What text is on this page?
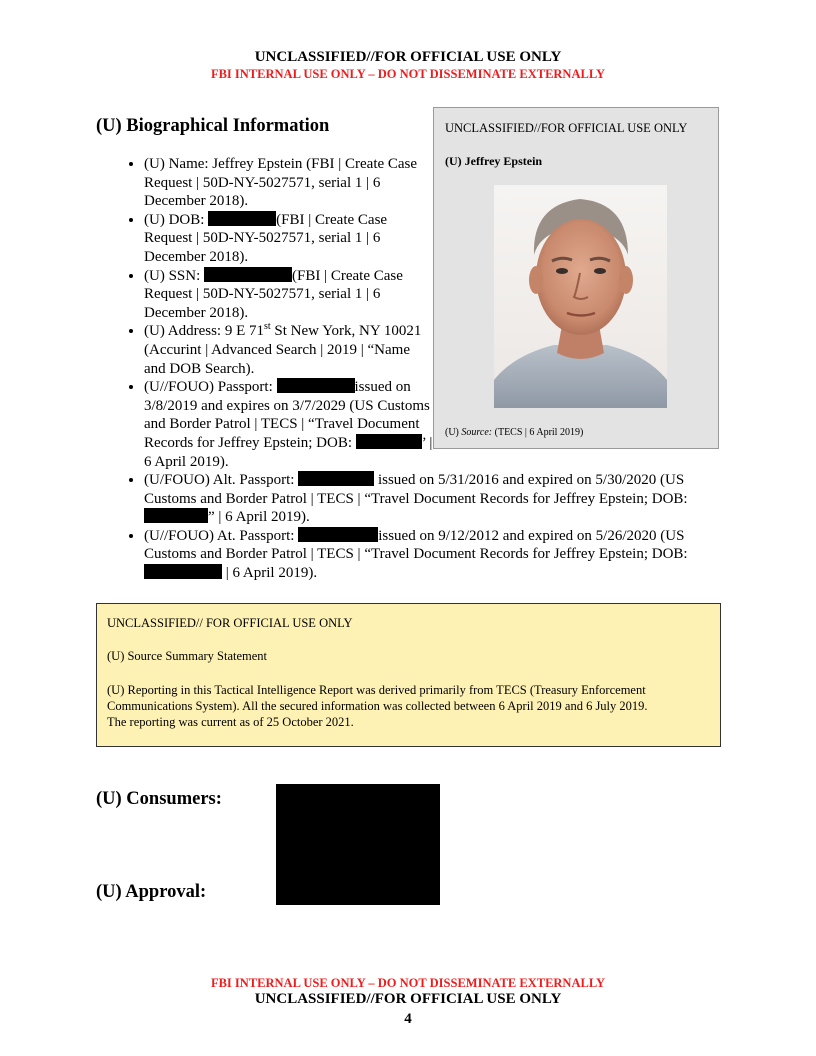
UNCLASSIFIED//FOR OFFICIAL USE ONLY
FBI INTERNAL USE ONLY – DO NOT DISSEMINATE EXTERNALLY
(U) Biographical Information
• (U) Name: Jeffrey Epstein (FBI | Create Case Request | 50D-NY-5027571, serial 1 | 6 December 2018).
• (U) DOB:	(FBI | Create Case Request | 50D-NY-5027571, serial 1 | 6 December 2018).
• (U) SSN:	(FBI | Create Case Request | 50D-NY-5027571, serial 1 | 6 December 2018).
• (U) Address: 9 E 71st St New York, NY 10021 (Accurint | Advanced Search | 2019 | “Name and DOB Search).
• (U//FOUO) Passport:	issued on 3/8/2019 and expires on 3/7/2029 (US Customs and Border Patrol | TECS | “Travel Document Records for Jeffrey Epstein; DOB:	’ | 6 April 2019).
• (U/FOUO) Alt. Passport:	issued on 5/31/2016 and expired on 5/30/2020 (US Customs and Border Patrol | TECS | “Travel Document Records for Jeffrey Epstein; DOB: ” | 6 April 2019).
• (U//FOUO) At. Passport:	issued on 9/12/2012 and expired on 5/26/2020 (US Customs and Border Patrol | TECS | “Travel Document Records for Jeffrey Epstein; DOB: | 6 April 2019).
UNCLASSIFIED//FOR OFFICIAL USE ONLY
(U) Jeffrey Epstein
(U) Source: (TECS | 6 April 2019)
UNCLASSIFIED// FOR OFFICIAL USE ONLY
(U) Source Summary Statement
(U) Reporting in this Tactical Intelligence Report was derived primarily from TECS (Treasury Enforcement Communications System). All the secured information was collected between 6 April 2019 and 6 July 2019. The reporting was current as of 25 October 2021.
(U) Consumers:
(U) Approval:
FBI INTERNAL USE ONLY – DO NOT DISSEMINATE EXTERNALLY
UNCLASSIFIED//FOR OFFICIAL USE ONLY
4
